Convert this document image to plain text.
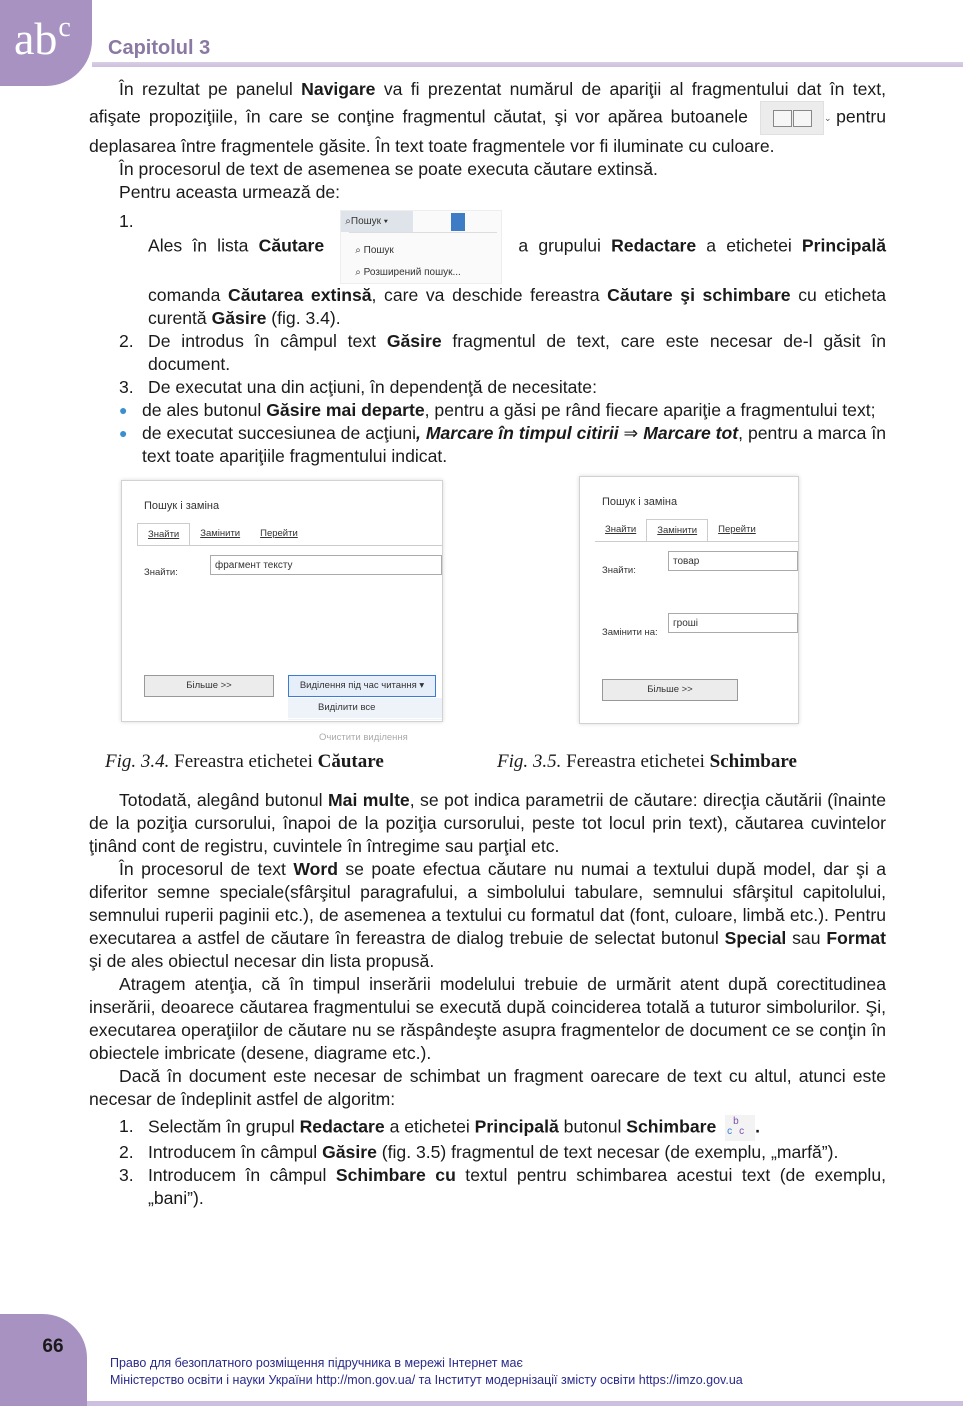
$ab^c$
Capitolul 3

În rezultat pe panelul Navigare va fi prezentat numărul de apariţii al fragmentului dat în text, afişate propoziţiile, în care se conţine fragmentul căutat, şi vor apărea butoanele	⌄ pentru deplasarea între fragmentele găsite. În text toate fragmentele vor fi iluminate cu culoare.

În procesorul de text de asemenea se poate executa căutare extinsă.

Pentru aceasta urmează de:

1.
Ales în lista Căutare
⌕Пошук ▾
⌕ Пошук
⌕ Розширений пошук...
a grupului Redactare a etichetei Principală comanda Căutarea extinsă, care va deschide fereastra Căutare şi schimbare cu eticheta curentă Găsire (fig. 3.4).
2. De introdus în câmpul text Găsire fragmentul de text, care este necesar de-l găsit în document.
3. De executat una din acţiuni, în dependenţă de necesitate:
● de ales butonul Găsire mai departe, pentru a găsi pe rând fiecare apariţie a fragmentului text;
● de executat succesiunea de acţiuni, Marcare în timpul citirii ⇒ Marcare tot, pentru a marca în text toate apariţiile fragmentului indicat.
Пошук і заміна
Знайти	Замінити	Перейти
Знайти:
фрагмент тексту
Більше >>	Виділення під час читання ▾
Виділити все
Очистити виділення
Пошук і заміна
Знайти	Замінити	Перейти
Знайти:
товар
Замінити на:
гроші
Більше >>
Fig. 3.4. Fereastra etichetei Căutare	Fig. 3.5. Fereastra etichetei Schimbare

Totodată, alegând butonul Mai multe, se pot indica parametrii de căutare: direcţia căutării (înainte de la poziţia cursorului, înapoi de la poziţia cursorului, peste tot locul prin text), căutarea cuvintelor ţinând cont de registru, cuvintele în întregime sau parţial etc.

În procesorul de text Word se poate efectua căutare nu numai a textului după model, dar şi a diferitor semne speciale(sfârşitul paragrafului, a simbolului tabulare, semnului sfârşitul capitolului, semnului ruperii paginii etc.), de asemenea a textului cu formatul dat (font, culoare, limbă etc.). Pentru executarea a astfel de căutare în fereastra de dialog trebuie de selectat butonul Special sau Format şi de ales obiectul necesar din lista propusă.

Atragem atenţia, că în timpul inserării modelului trebuie de urmărit atent după corectitudinea inserării, deoarece căutarea fragmentului se execută după coinciderea totală a tuturor simbolurilor. Şi, executarea operaţiilor de căutare nu se răspândeşte asupra fragmentelor de document ce se conţin în obiectele imbricate (desene, diagrame etc.).

Dacă în document este necesar de schimbat un fragment oarecare de text cu altul, atunci este necesar de îndeplinit astfel de algoritm:

1. Selectăm în grupul Redactare a etichetei Principală butonul Schimbare b
c c .
2. Introducem în câmpul Găsire (fig. 3.5) fragmentul de text necesar (de exemplu, „marfă”).
3. Introducem în câmpul Schimbare cu textul pentru schimbarea acestui text (de exemplu, „bani”).
66
Право для безоплатного розміщення підручника в мережі Інтернет має
Міністерство освіти і науки України http://mon.gov.ua/ та Інститут модернізації змісту освіти https://imzo.gov.ua
